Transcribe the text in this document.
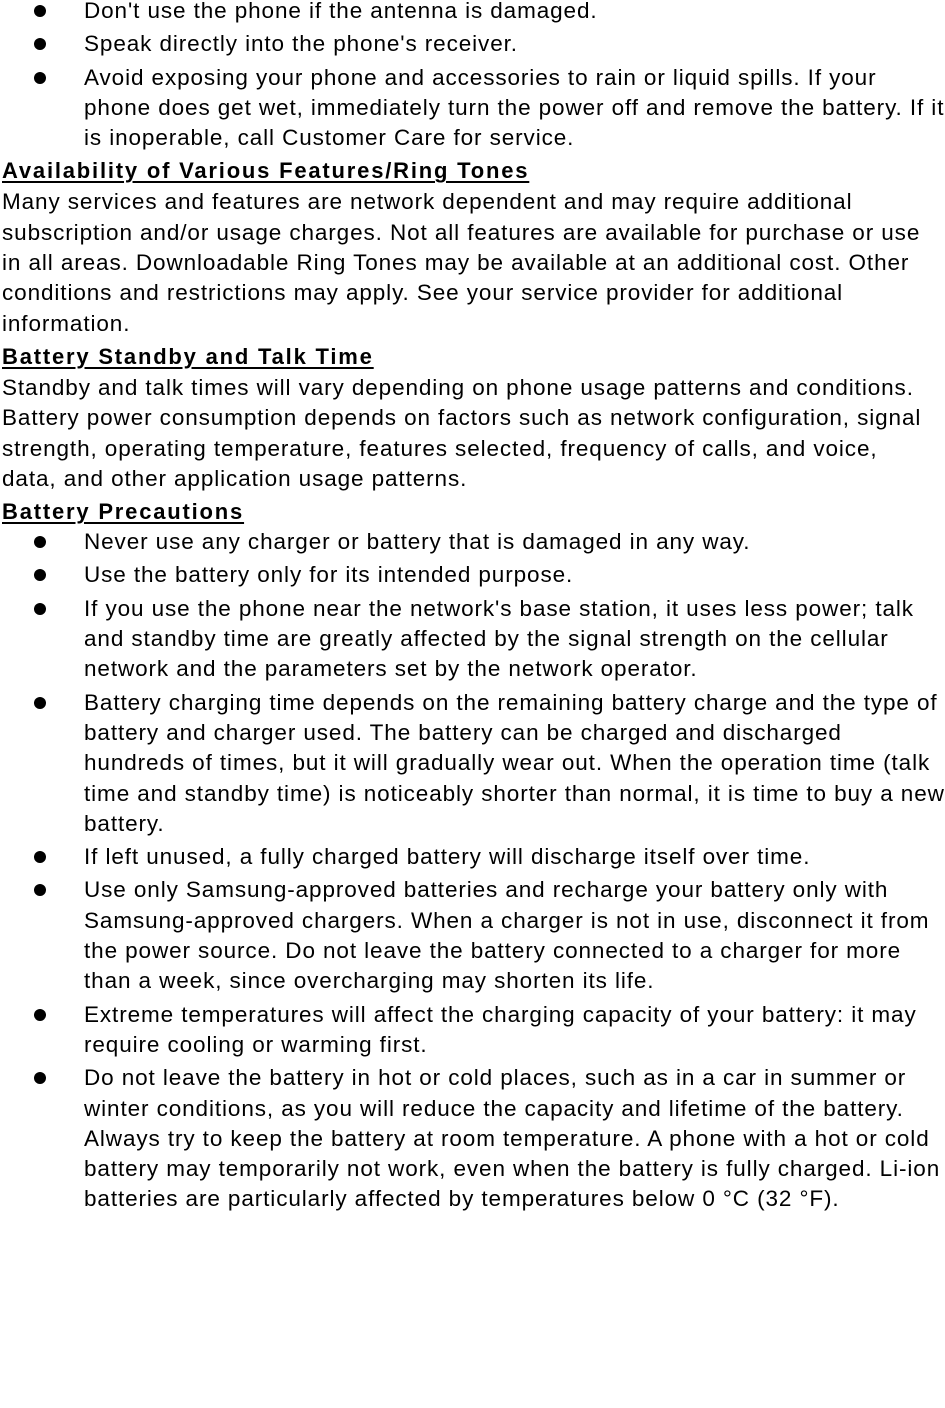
Don't use the phone if the antenna is damaged.
Speak directly into the phone's receiver.
Avoid exposing your phone and accessories to rain or liquid spills. If your phone does get wet, immediately turn the power off and remove the battery. If it is inoperable, call Customer Care for service.
Availability of Various Features/Ring Tones
Many services and features are network dependent and may require additional subscription and/or usage charges. Not all features are available for purchase or use in all areas. Downloadable Ring Tones may be available at an additional cost. Other conditions and restrictions may apply. See your service provider for additional information.
Battery Standby and Talk Time
Standby and talk times will vary depending on phone usage patterns and conditions. Battery power consumption depends on factors such as network configuration, signal strength, operating temperature, features selected, frequency of calls, and voice, data, and other application usage patterns.
Battery Precautions
Never use any charger or battery that is damaged in any way.
Use the battery only for its intended purpose.
If you use the phone near the network's base station, it uses less power; talk and standby time are greatly affected by the signal strength on the cellular network and the parameters set by the network operator.
Battery charging time depends on the remaining battery charge and the type of battery and charger used. The battery can be charged and discharged hundreds of times, but it will gradually wear out. When the operation time (talk time and standby time) is noticeably shorter than normal, it is time to buy a new battery.
If left unused, a fully charged battery will discharge itself over time.
Use only Samsung-approved batteries and recharge your battery only with Samsung-approved chargers. When a charger is not in use, disconnect it from the power source. Do not leave the battery connected to a charger for more than a week, since overcharging may shorten its life.
Extreme temperatures will affect the charging capacity of your battery: it may require cooling or warming first.
Do not leave the battery in hot or cold places, such as in a car in summer or winter conditions, as you will reduce the capacity and lifetime of the battery. Always try to keep the battery at room temperature. A phone with a hot or cold battery may temporarily not work, even when the battery is fully charged. Li-ion batteries are particularly affected by temperatures below 0 °C (32 °F).
